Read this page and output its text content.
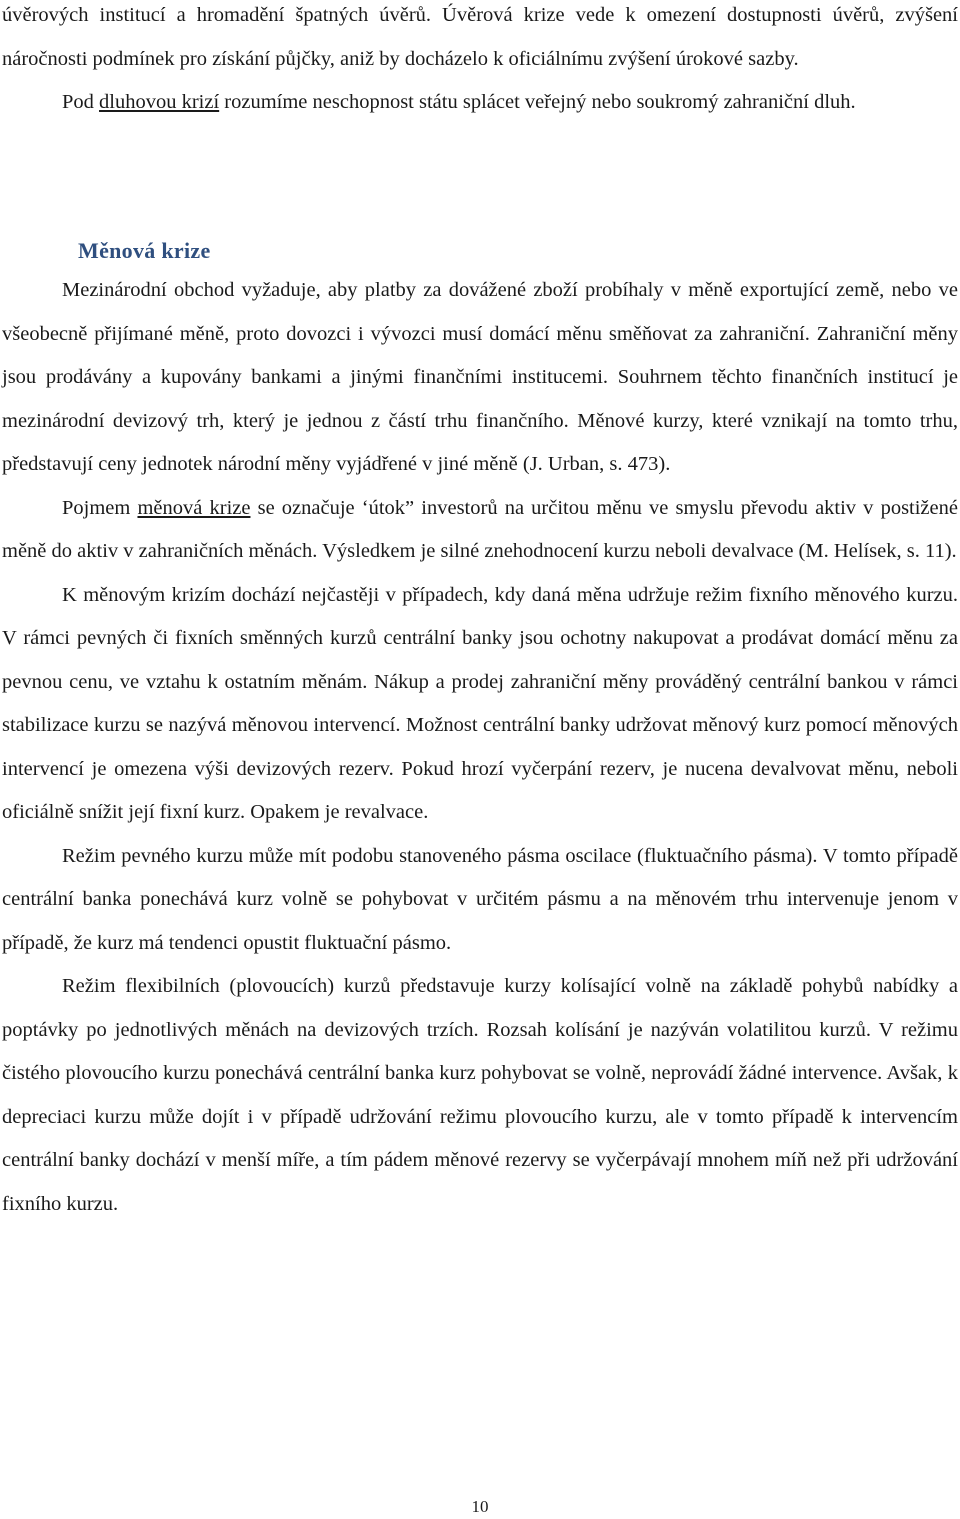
úvěrových institucí a hromadění špatných úvěrů. Úvěrová krize vede k omezení dostupnosti úvěrů, zvýšení náročnosti podmínek pro získání půjčky, aniž by docházelo k oficiálnímu zvýšení úrokové sazby.

Pod dluhovou krizí rozumíme neschopnost státu splácet veřejný nebo soukromý zahraniční dluh.

Měnová krize

Mezinárodní obchod vyžaduje, aby platby za dovážené zboží probíhaly v měně exportující země, nebo ve všeobecně přijímané měně, proto dovozci i vývozci musí domácí měnu směňovat za zahraniční. Zahraniční měny jsou prodávány a kupovány bankami a jinými finančními institucemi. Souhrnem těchto finančních institucí je mezinárodní devizový trh, který je jednou z částí trhu finančního. Měnové kurzy, které vznikají na tomto trhu, představují ceny jednotek národní měny vyjádřené v jiné měně (J. Urban, s. 473).

Pojmem měnová krize se označuje ‘útok” investorů na určitou měnu ve smyslu převodu aktiv v postižené měně do aktiv v zahraničních měnách. Výsledkem je silné znehodnocení kurzu neboli devalvace (M. Helísek, s. 11).

K měnovým krizím dochází nejčastěji v případech, kdy daná měna udržuje režim fixního měnového kurzu. V rámci pevných či fixních směnných kurzů centrální banky jsou ochotny nakupovat a prodávat domácí měnu za pevnou cenu, ve vztahu k ostatním měnám. Nákup a prodej zahraniční měny prováděný centrální bankou v rámci stabilizace kurzu se nazývá měnovou intervencí. Možnost centrální banky udržovat měnový kurz pomocí měnových intervencí je omezena výši devizových rezerv. Pokud hrozí vyčerpání rezerv, je nucena devalvovat měnu, neboli oficiálně snížit její fixní kurz. Opakem je revalvace.

Režim pevného kurzu může mít podobu stanoveného pásma oscilace (fluktuačního pásma). V tomto případě centrální banka ponechává kurz volně se pohybovat v určitém pásmu a na měnovém trhu intervenuje jenom v případě, že kurz má tendenci opustit fluktuační pásmo.

Režim flexibilních (plovoucích) kurzů představuje kurzy kolísající volně na základě pohybů nabídky a poptávky po jednotlivých měnách na devizových trzích. Rozsah kolísání je nazýván volatilitou kurzů. V režimu čistého plovoucího kurzu ponechává centrální banka kurz pohybovat se volně, neprovádí žádné intervence. Avšak, k depreciaci kurzu může dojít i v případě udržování režimu plovoucího kurzu, ale v tomto případě k intervencím centrální banky dochází v menší míře, a tím pádem měnové rezervy se vyčerpávají mnohem míň než při udržování fixního kurzu.

10
